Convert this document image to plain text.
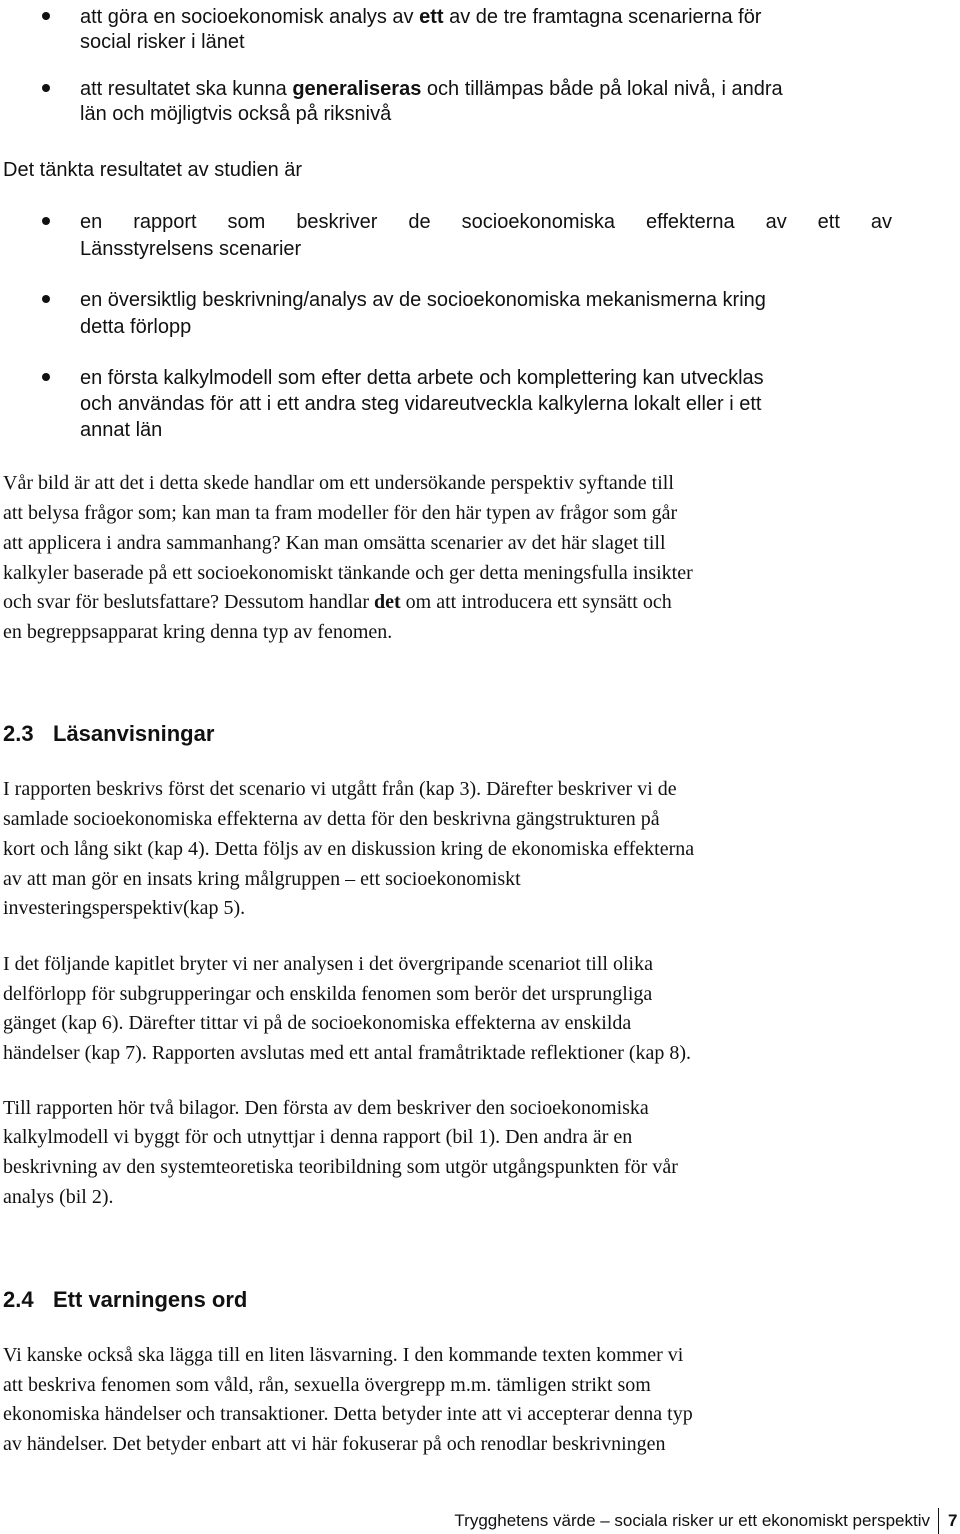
att göra en socioekonomisk analys av ett av de tre framtagna scenarierna för
social risker i länet
att resultatet ska kunna generaliseras och tillämpas både på lokal nivå, i andra
län och möjligtvis också på riksnivå
Det tänkta resultatet av studien är
en rapport som beskriver de socioekonomiska effekterna av ett av
Länsstyrelsens scenarier
en översiktlig beskrivning/analys av de socioekonomiska mekanismerna kring
detta förlopp
en första kalkylmodell som efter detta arbete och komplettering kan utvecklas
och användas för att i ett andra steg vidareutveckla kalkylerna lokalt eller i ett
annat län
Vår bild är att det i detta skede handlar om ett undersökande perspektiv syftande till
att belysa frågor som; kan man ta fram modeller för den här typen av frågor som går
att applicera i andra sammanhang? Kan man omsätta scenarier av det här slaget till
kalkyler baserade på ett socioekonomiskt tänkande och ger detta meningsfulla insikter
och svar för beslutsfattare? Dessutom handlar det om att introducera ett synsätt och
en begreppsapparat kring denna typ av fenomen.
2.3 Läsanvisningar
I rapporten beskrivs först det scenario vi utgått från (kap 3). Därefter beskriver vi de
samlade socioekonomiska effekterna av detta för den beskrivna gängstrukturen på
kort och lång sikt (kap 4). Detta följs av en diskussion kring de ekonomiska effekterna
av att man gör en insats kring målgruppen – ett socioekonomiskt
investeringsperspektiv(kap 5).
I det följande kapitlet bryter vi ner analysen i det övergripande scenariot till olika
delförlopp för subgrupperingar och enskilda fenomen som berör det ursprungliga
gänget (kap 6). Därefter tittar vi på de socioekonomiska effekterna av enskilda
händelser (kap 7). Rapporten avslutas med ett antal framåtriktade reflektioner (kap 8).
Till rapporten hör två bilagor. Den första av dem beskriver den socioekonomiska
kalkylmodell vi byggt för och utnyttjar i denna rapport (bil 1). Den andra är en
beskrivning av den systemteoretiska teoribildning som utgör utgångspunkten för vår
analys (bil 2).
2.4 Ett varningens ord
Vi kanske också ska lägga till en liten läsvarning. I den kommande texten kommer vi
att beskriva fenomen som våld, rån, sexuella övergrepp m.m. tämligen strikt som
ekonomiska händelser och transaktioner. Detta betyder inte att vi accepterar denna typ
av händelser. Det betyder enbart att vi här fokuserar på och renodlar beskrivningen
Trygghetens värde – sociala risker ur ett ekonomiskt perspektiv 7
